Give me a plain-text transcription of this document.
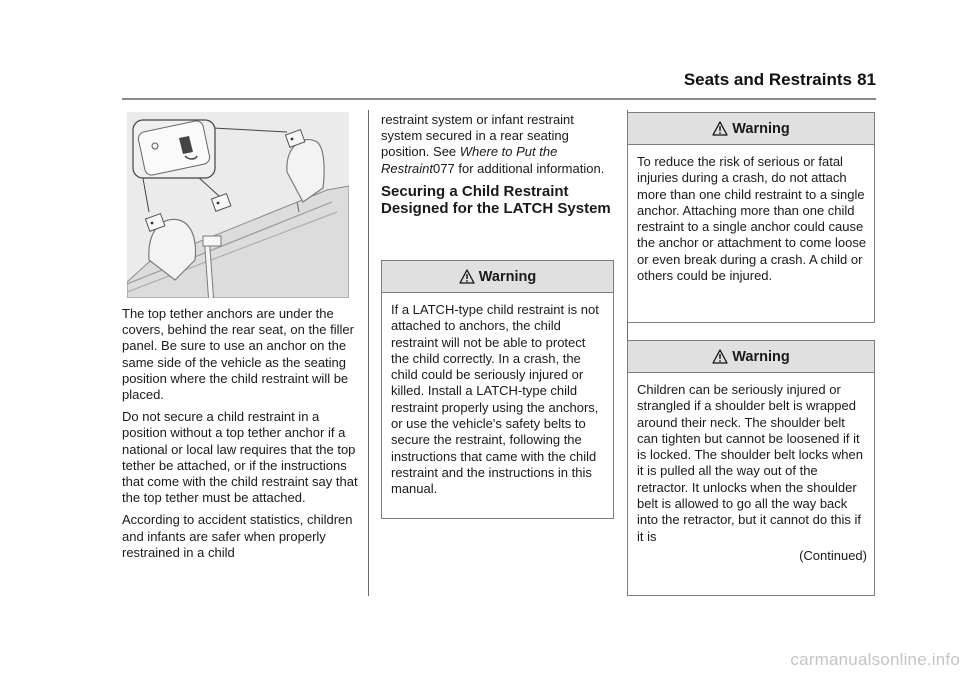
Seats and Restraints 81

The top tether anchors are under the covers, behind the rear seat, on the filler panel. Be sure to use an anchor on the same side of the vehicle as the seating position where the child restraint will be placed.

Do not secure a child restraint in a position without a top tether anchor if a national or local law requires that the top tether be attached, or if the instructions that come with the child restraint say that the top tether must be attached.

According to accident statistics, children and infants are safer when properly restrained in a child

restraint system or infant restraint system secured in a rear seating position. See Where to Put the Restraint077 for additional information.

Securing a Child Restraint Designed for the LATCH System
Warning
If a LATCH-type child restraint is not attached to anchors, the child restraint will not be able to protect the child correctly. In a crash, the child could be seriously injured or killed. Install a LATCH-type child restraint properly using the anchors, or use the vehicle's safety belts to secure the restraint, following the instructions that came with the child restraint and the instructions in this manual.
Warning
To reduce the risk of serious or fatal injuries during a crash, do not attach more than one child restraint to a single anchor. Attaching more than one child restraint to a single anchor could cause the anchor or attachment to come loose or even break during a crash. A child or others could be injured.
Warning
Children can be seriously injured or strangled if a shoulder belt is wrapped around their neck. The shoulder belt can tighten but cannot be loosened if it is locked. The shoulder belt locks when it is pulled all the way out of the retractor. It unlocks when the shoulder belt is allowed to go all the way back into the retractor, but it cannot do this if it is
(Continued)
carmanualsonline.info
